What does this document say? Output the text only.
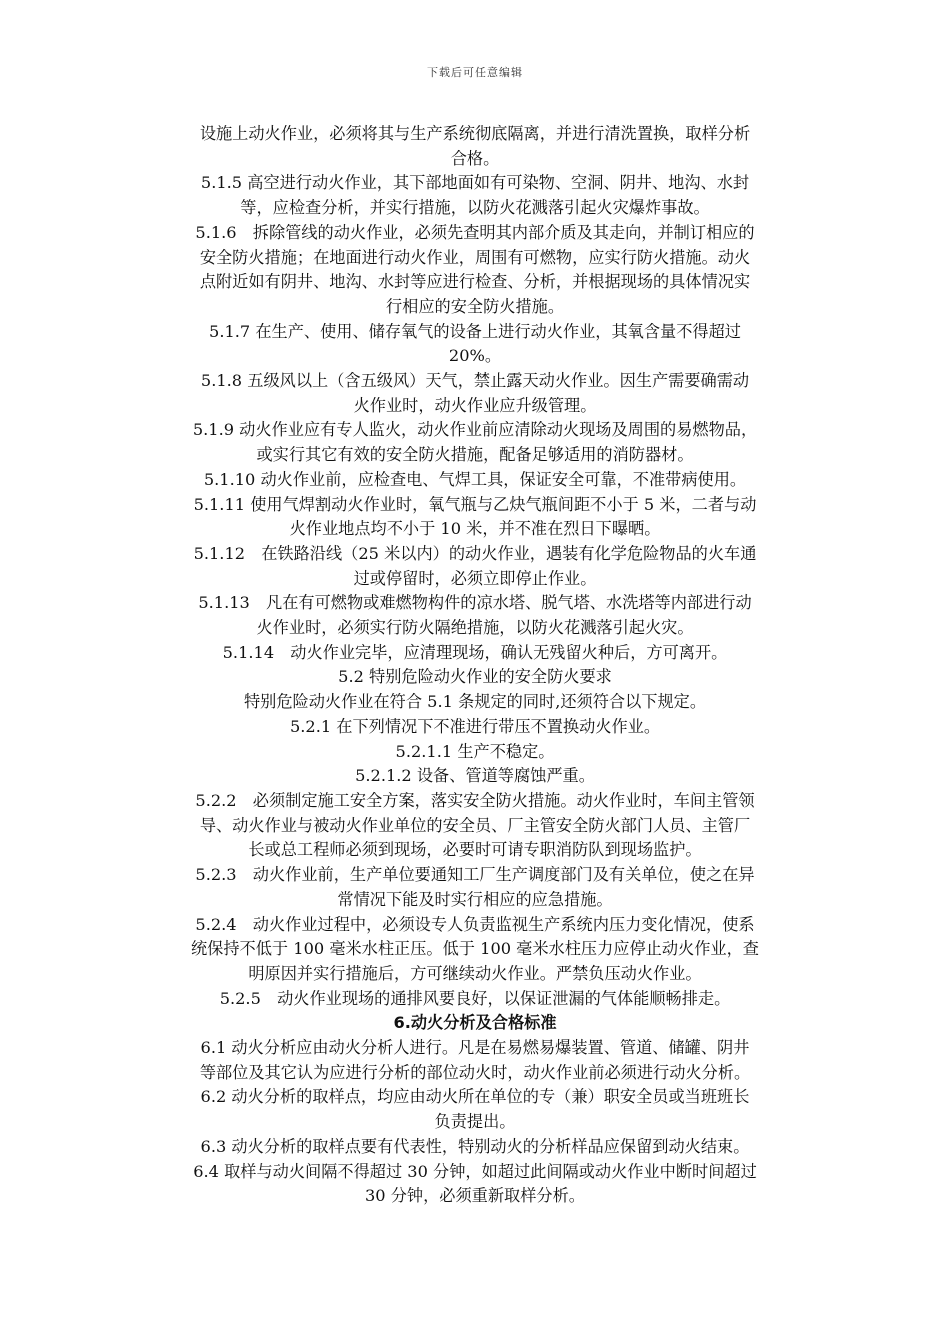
下载后可任意编辑

设施上动火作业，必须将其与生产系统彻底隔离，并进行清洗置换，取样分析

合格。

5.1.5 高空进行动火作业，其下部地面如有可染物、空洞、阴井、地沟、水封

等，应检查分析，并实行措施，以防火花溅落引起火灾爆炸事故。

5.1.6　拆除管线的动火作业，必须先查明其内部介质及其走向，并制订相应的

安全防火措施；在地面进行动火作业，周围有可燃物，应实行防火措施。动火

点附近如有阴井、地沟、水封等应进行检查、分析，并根据现场的具体情况实

行相应的安全防火措施。

5.1.7 在生产、使用、储存氧气的设备上进行动火作业，其氧含量不得超过

20%。

5.1.8 五级风以上（含五级风）天气，禁止露天动火作业。因生产需要确需动

火作业时，动火作业应升级管理。

5.1.9 动火作业应有专人监火，动火作业前应清除动火现场及周围的易燃物品，

或实行其它有效的安全防火措施，配备足够适用的消防器材。

5.1.10 动火作业前，应检查电、气焊工具，保证安全可靠，不准带病使用。

5.1.11 使用气焊割动火作业时，氧气瓶与乙炔气瓶间距不小于 5 米，二者与动

火作业地点均不小于 10 米，并不准在烈日下曝晒。

5.1.12　在铁路沿线（25 米以内）的动火作业，遇装有化学危险物品的火车通

过或停留时，必须立即停止作业。

5.1.13　凡在有可燃物或难燃物构件的凉水塔、脱气塔、水洗塔等内部进行动

火作业时，必须实行防火隔绝措施，以防火花溅落引起火灾。

5.1.14　动火作业完毕，应清理现场，确认无残留火种后，方可离开。

5.2 特别危险动火作业的安全防火要求

特别危险动火作业在符合 5.1 条规定的同时,还须符合以下规定。

5.2.1 在下列情况下不准进行带压不置换动火作业。

5.2.1.1 生产不稳定。

5.2.1.2 设备、管道等腐蚀严重。

5.2.2　必须制定施工安全方案，落实安全防火措施。动火作业时，车间主管领

导、动火作业与被动火作业单位的安全员、厂主管安全防火部门人员、主管厂

长或总工程师必须到现场，必要时可请专职消防队到现场监护。

5.2.3　动火作业前，生产单位要通知工厂生产调度部门及有关单位，使之在异

常情况下能及时实行相应的应急措施。

5.2.4　动火作业过程中，必须设专人负责监视生产系统内压力变化情况，使系

统保持不低于 100 毫米水柱正压。低于 100 毫米水柱压力应停止动火作业，查

明原因并实行措施后，方可继续动火作业。严禁负压动火作业。

5.2.5　动火作业现场的通排风要良好，以保证泄漏的气体能顺畅排走。

6.动火分析及合格标准

6.1 动火分析应由动火分析人进行。凡是在易燃易爆装置、管道、储罐、阴井

等部位及其它认为应进行分析的部位动火时，动火作业前必须进行动火分析。

6.2 动火分析的取样点，均应由动火所在单位的专（兼）职安全员或当班班长

负责提出。

6.3 动火分析的取样点要有代表性，特别动火的分析样品应保留到动火结束。

6.4 取样与动火间隔不得超过 30 分钟，如超过此间隔或动火作业中断时间超过

30 分钟，必须重新取样分析。
